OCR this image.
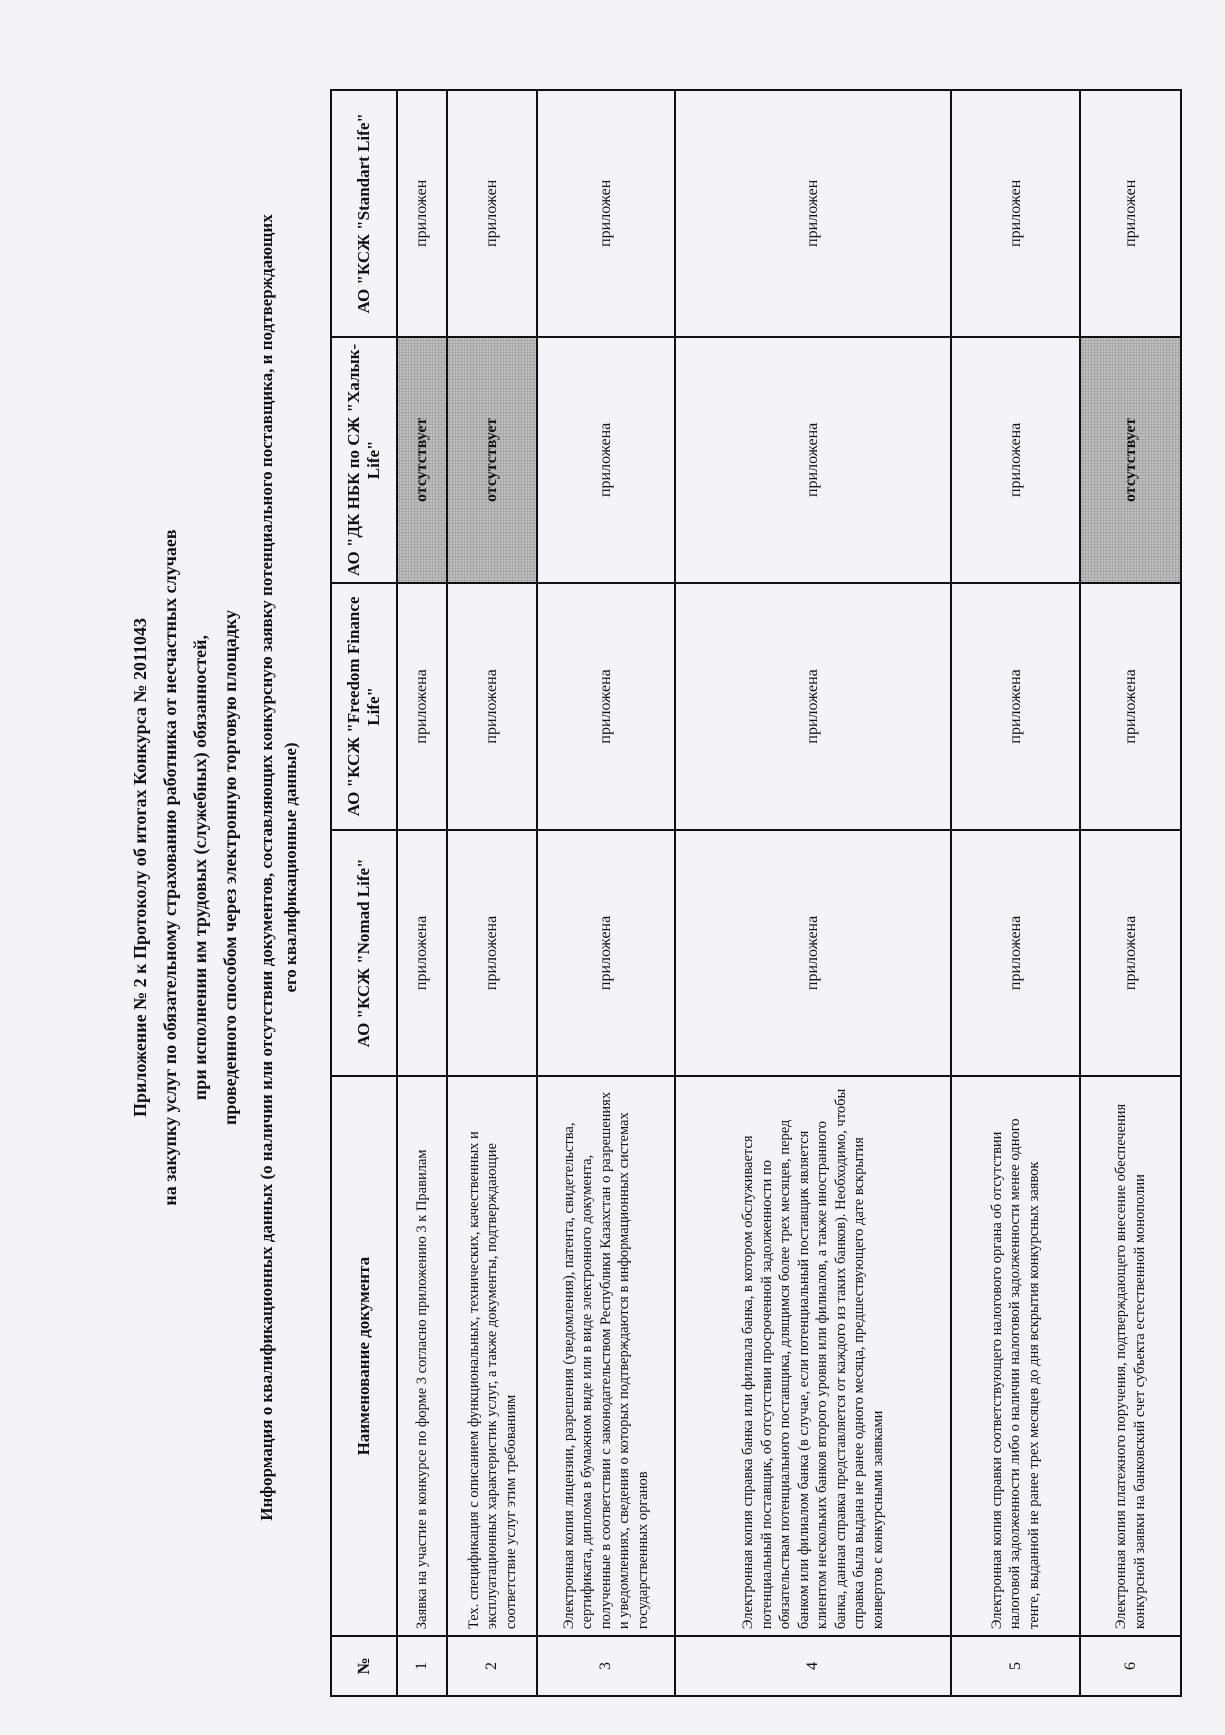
Приложение № 2 к Протоколу об итогах Конкурса № 2011043 на закупку услуг по обязательному страхованию работника от несчастных случаев при исполнении им трудовых (служебных) обязанностей, проведенного способом через электронную торговую площадку Информация о квалификационных данных (о наличии или отсутствии документов, составляющих конкурсную заявку потенциального поставщика, и подтверждающих его квалификационные данные)
№	Наименование документа	АО "КСЖ "Nomad Life"	АО "КСЖ "Freedom Finance Life"	АО "ДК НБК по СЖ "Халык-Life"	АО "КСЖ "Standart Life"
1	Заявка на участие в конкурсе по форме 3 согласно приложению 3 к Правилам	приложена	приложена	отсутствует	приложен
2	Тех. спецификация с описанием функциональных, технических, качественных и эксплуатационных характеристик услуг, а также документы, подтверждающие соответствие услуг этим требованиям	приложена	приложена	отсутствует	приложен
3	Электронная копия лицензии, разрешения (уведомления), патента, свидетельства, сертификата, диплома в бумажном виде или в виде электронного документа, полученные в соответствии с законодательством Республики Казахстан о разрешениях и уведомлениях, сведения о которых подтверждаются в информационных системах государственных органов	приложена	приложена	приложена	приложен
4	Электронная копия справка банка или филиала банка, в котором обслуживается потенциальный поставщик, об отсутствии просроченной задолженности по обязательствам потенциального поставщика, длящимся более трех месяцев, перед банком или филиалом банка (в случае, если потенциальный поставщик является клиентом нескольких банков второго уровня или филиалов, а также иностранного банка, данная справка представляется от каждого из таких банков). Необходимо, чтобы справка была выдана не ранее одного месяца, предшествующего дате вскрытия конвертов с конкурсными заявками	приложена	приложена	приложена	приложен
5	Электронная копия справки соответствующего налогового органа об отсутствии налоговой задолженности либо о наличии налоговой задолженности менее одного тенге, выданной не ранее трех месяцев до дня вскрытия конкурсных заявок	приложена	приложена	приложена	приложен
6	Электронная копия платежного поручения, подтверждающего внесение обеспечения конкурсной заявки на банковский счет субъекта естественной монополии	приложена	приложена	отсутствует	приложен
